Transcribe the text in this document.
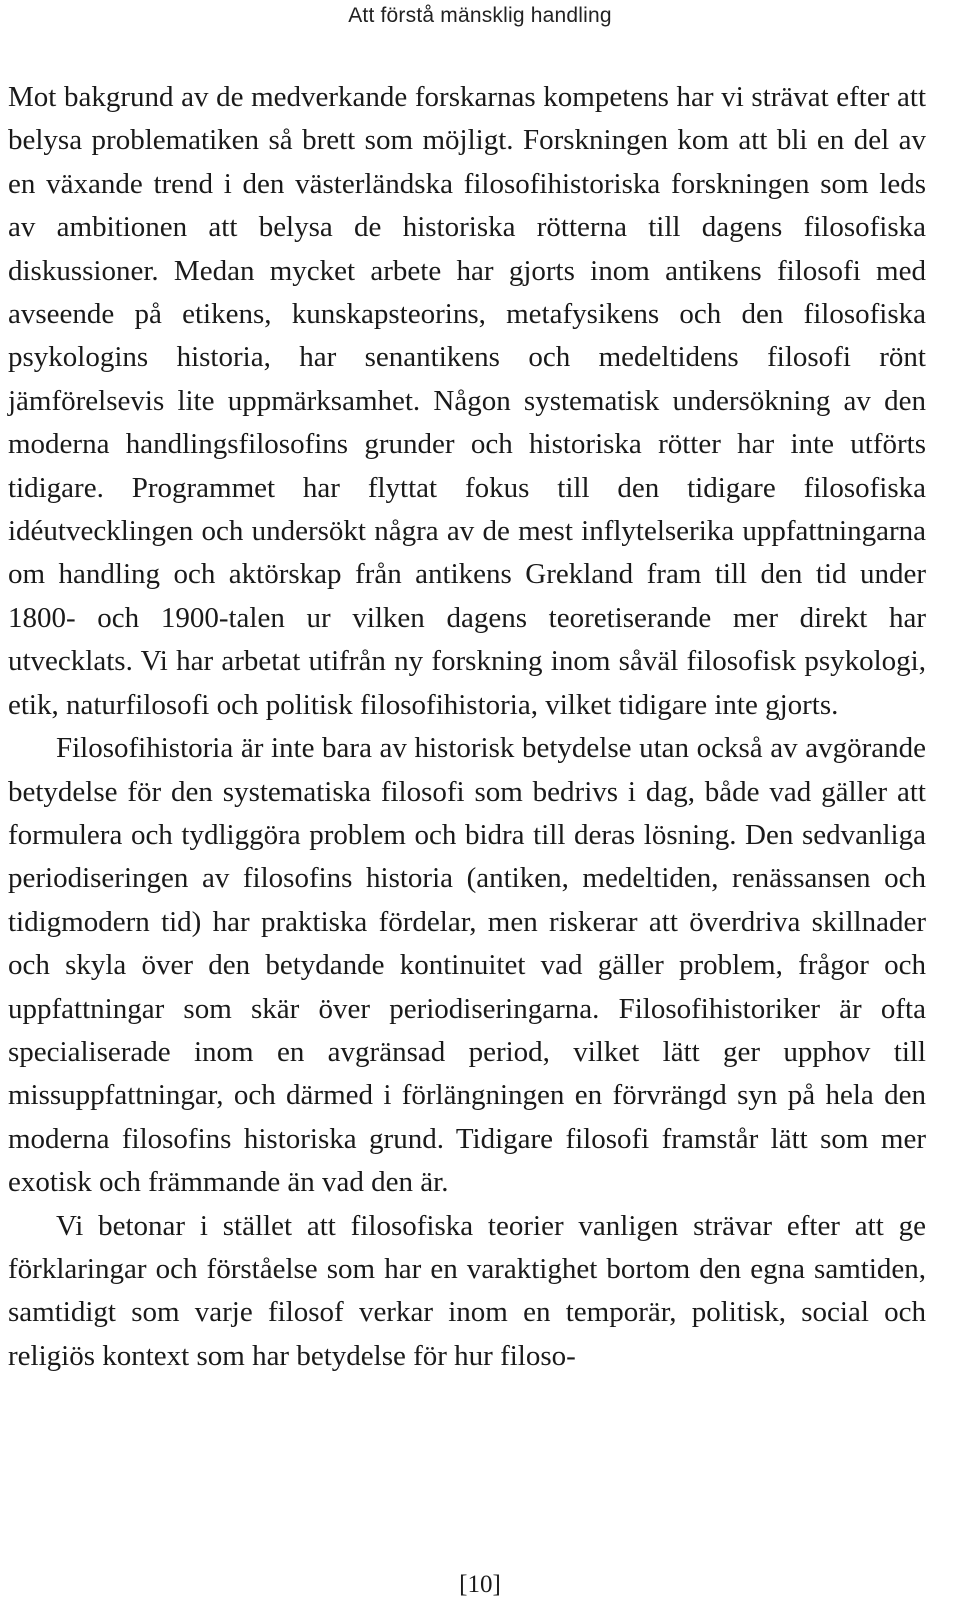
Att förstå mänsklig handling

Mot bakgrund av de medverkande forskarnas kompetens har vi strävat efter att belysa problematiken så brett som möjligt. Forskningen kom att bli en del av en växande trend i den västerländska filosofihistoriska forskningen som leds av ambitionen att belysa de historiska rötterna till dagens filosofiska diskussioner. Medan mycket arbete har gjorts inom antikens filosofi med avseende på etikens, kunskapsteorins, metafysikens och den filosofiska psykologins historia, har senantikens och medeltidens filosofi rönt jämförelsevis lite uppmärksamhet. Någon systematisk undersökning av den moderna handlingsfilosofins grunder och historiska rötter har inte utförts tidigare. Programmet har flyttat fokus till den tidigare filosofiska idéutvecklingen och undersökt några av de mest inflytelserika uppfattningarna om handling och aktörskap från antikens Grekland fram till den tid under 1800- och 1900-talen ur vilken dagens teoretiserande mer direkt har utvecklats. Vi har arbetat utifrån ny forskning inom såväl filosofisk psykologi, etik, naturfilosofi och politisk filosofihistoria, vilket tidigare inte gjorts.

Filosofihistoria är inte bara av historisk betydelse utan också av avgörande betydelse för den systematiska filosofi som bedrivs i dag, både vad gäller att formulera och tydliggöra problem och bidra till deras lösning. Den sedvanliga periodiseringen av filosofins historia (antiken, medeltiden, renässansen och tidigmodern tid) har praktiska fördelar, men riskerar att överdriva skillnader och skyla över den betydande kontinuitet vad gäller problem, frågor och uppfattningar som skär över periodiseringarna. Filosofihistoriker är ofta specialiserade inom en avgränsad period, vilket lätt ger upphov till missuppfattningar, och därmed i förlängningen en förvrängd syn på hela den moderna filosofins historiska grund. Tidigare filosofi framstår lätt som mer exotisk och främmande än vad den är.

Vi betonar i stället att filosofiska teorier vanligen strävar efter att ge förklaringar och förståelse som har en varaktighet bortom den egna samtiden, samtidigt som varje filosof verkar inom en temporär, politisk, social och religiös kontext som har betydelse för hur filoso-

[10]
